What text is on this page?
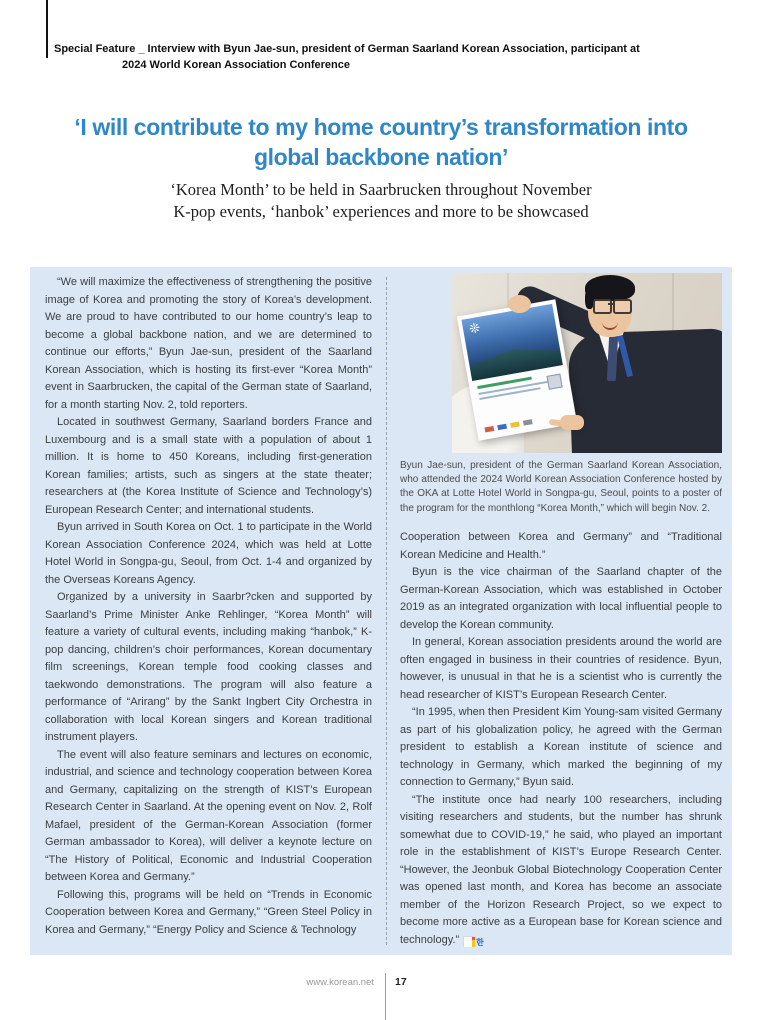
Special Feature _ Interview with Byun Jae-sun, president of German Saarland Korean Association, participant at
2024 World Korean Association Conference
‘I will contribute to my home country’s transformation into
global backbone nation’
‘Korea Month’ to be held in Saarbrucken throughout November
K-pop events, ‘hanbok’ experiences and more to be showcased

“We will maximize the effectiveness of strengthening the positive image of Korea and promoting the story of Korea’s development. We are proud to have contributed to our home country’s leap to become a global backbone nation, and we are determined to continue our efforts,” Byun Jae-sun, president of the Saarland Korean Association, which is hosting its first-ever “Korea Month” event in Saarbrucken, the capital of the German state of Saarland, for a month starting Nov. 2, told reporters.

Located in southwest Germany, Saarland borders France and Luxembourg and is a small state with a population of about 1 million. It is home to 450 Koreans, including first-generation Korean families; artists, such as singers at the state theater; researchers at (the Korea Institute of Science and Technology’s) European Research Center; and international students.

Byun arrived in South Korea on Oct. 1 to participate in the World Korean Association Conference 2024, which was held at Lotte Hotel World in Songpa-gu, Seoul, from Oct. 1-4 and organized by the Overseas Koreans Agency.

Organized by a university in Saarbr?cken and supported by Saarland’s Prime Minister Anke Rehlinger, “Korea Month” will feature a variety of cultural events, including making “hanbok,” K-pop dancing, children’s choir performances, Korean documentary film screenings, Korean temple food cooking classes and taekwondo demonstrations. The program will also feature a performance of “Arirang” by the Sankt Ingbert City Orchestra in collaboration with local Korean singers and Korean traditional instrument players.

The event will also feature seminars and lectures on economic, industrial, and science and technology cooperation between Korea and Germany, capitalizing on the strength of KIST’s European Research Center in Saarland. At the opening event on Nov. 2, Rolf Mafael, president of the German-Korean Association (former German ambassador to Korea), will deliver a keynote lecture on “The History of Political, Economic and Industrial Cooperation between Korea and Germany.”

Following this, programs will be held on “Trends in Economic Cooperation between Korea and Germany,” “Green Steel Policy in Korea and Germany,” “Energy Policy and Science & Technology

❊
Byun Jae-sun, president of the German Saarland Korean Association, who attended the 2024 World Korean Association Conference hosted by the OKA at Lotte Hotel World in Songpa-gu, Seoul, points to a poster of the program for the monthlong “Korea Month,” which will begin Nov. 2.

Cooperation between Korea and Germany” and “Traditional Korean Medicine and Health.”

Byun is the vice chairman of the Saarland chapter of the German-Korean Association, which was established in October 2019 as an integrated organization with local influential people to develop the Korean community.

In general, Korean association presidents around the world are often engaged in business in their countries of residence. Byun, however, is unusual in that he is a scientist who is currently the head researcher of KIST’s European Research Center.

“In 1995, when then President Kim Young-sam visited Germany as part of his globalization policy, he agreed with the German president to establish a Korean institute of science and technology in Germany, which marked the beginning of my connection to Germany,” Byun said.

“The institute once had nearly 100 researchers, including visiting researchers and students, but the number has shrunk somewhat due to COVID-19,” he said, who played an important role in the establishment of KIST’s Europe Research Center. “However, the Jeonbuk Global Biotechnology Cooperation Center was opened last month, and Korea has become an associate member of the Horizon Research Project, so we expect to become more active as a European base for Korean science and technology.” 한

www.korean.net 17
